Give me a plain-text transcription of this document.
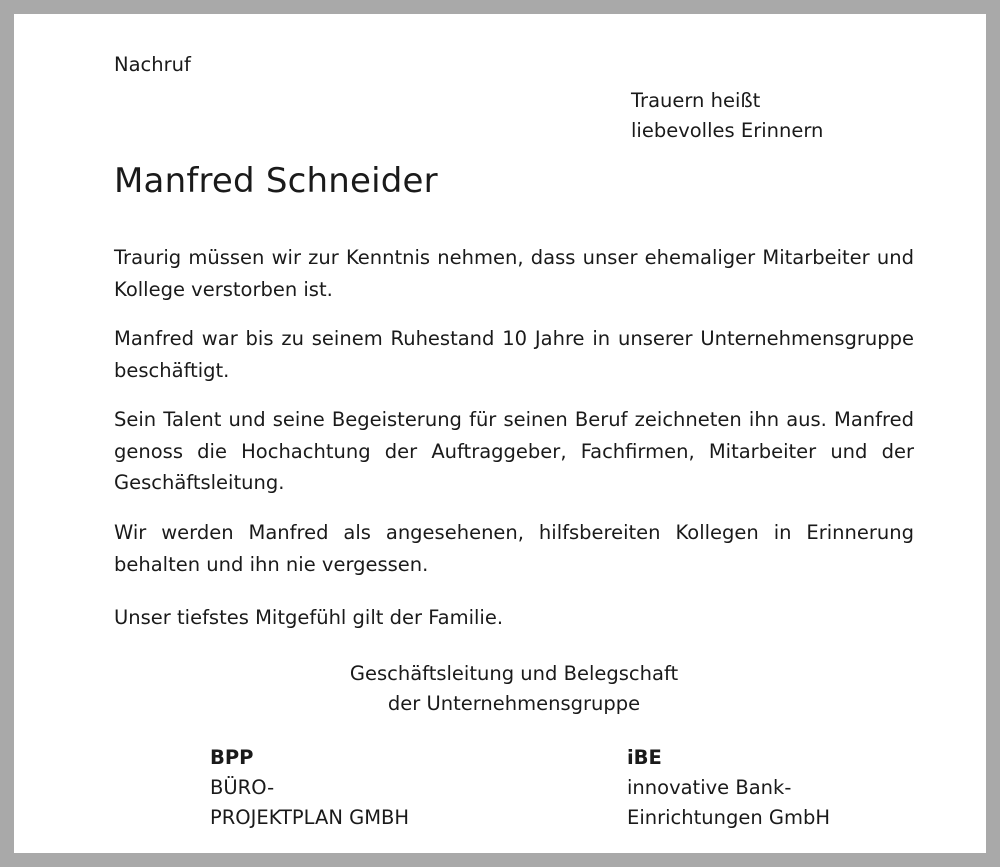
Nachruf
Trauern heißt
liebevolles Erinnern
Manfred Schneider
Traurig müssen wir zur Kenntnis nehmen, dass unser ehemaliger Mitarbeiter und Kollege verstorben ist.
Manfred war bis zu seinem Ruhestand 10 Jahre in unserer Unternehmensgruppe beschäftigt.
Sein Talent und seine Begeisterung für seinen Beruf zeichneten ihn aus. Manfred genoss die Hochachtung der Auftraggeber, Fachfirmen, Mitarbeiter und der Geschäftsleitung.
Wir werden Manfred als angesehenen, hilfsbereiten Kollegen in Erinnerung behalten und ihn nie vergessen.
Unser tiefstes Mitgefühl gilt der Familie.
Geschäftsleitung und Belegschaft
der Unternehmensgruppe
BPP
BÜRO-
PROJEKTPLAN GMBH
iBE
innovative Bank-
Einrichtungen GmbH
